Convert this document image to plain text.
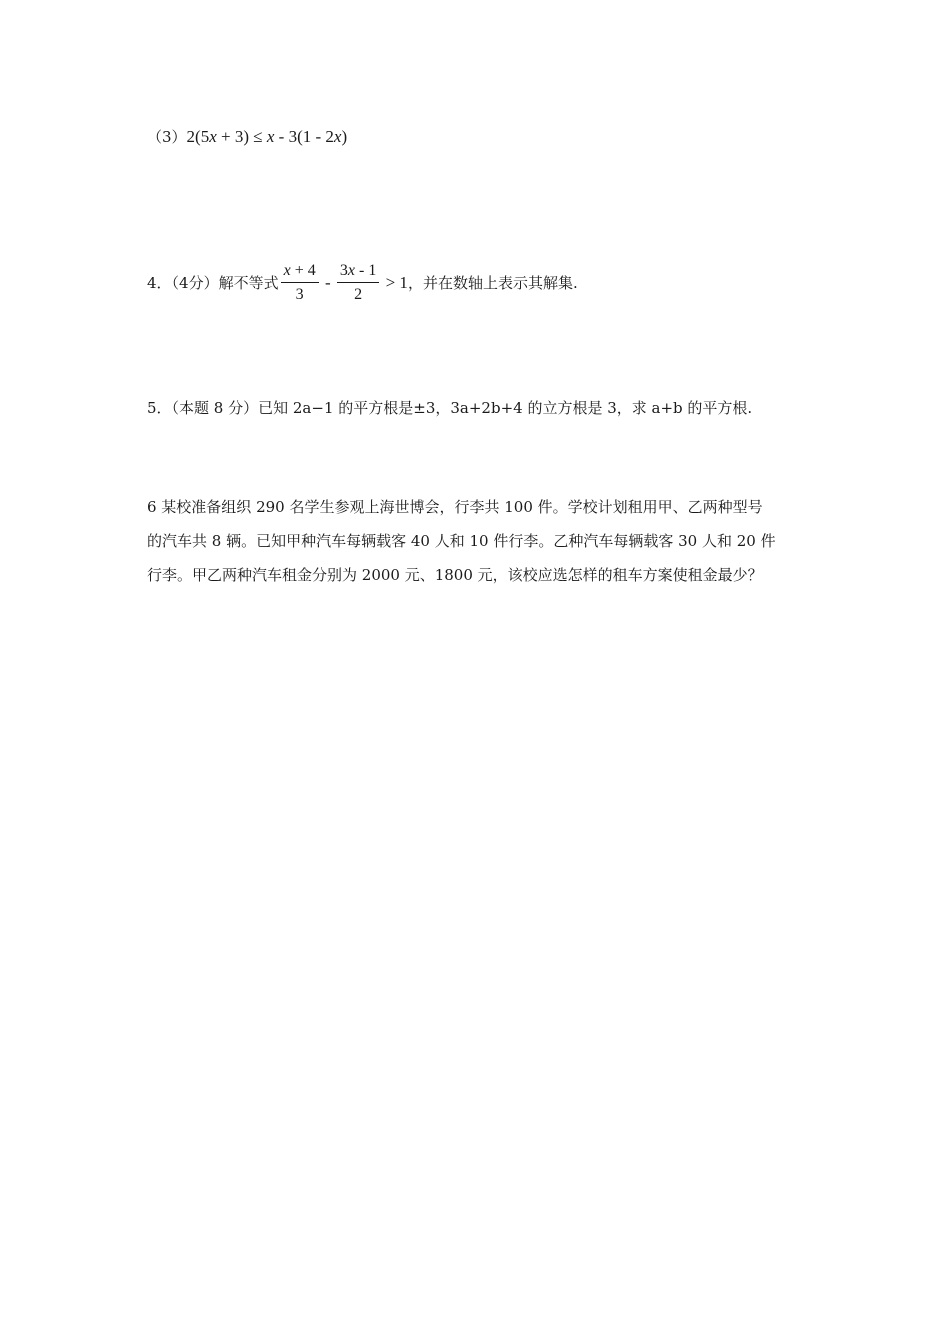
（3）2(5x + 3) ≤ x - 3(1 - 2x)
4．（4分）解不等式 $\frac{x + 4}{3} - \frac{3x - 1}{2} > 1$，并在数轴上表示其解集.
5．（本题 8 分）已知 2a−1 的平方根是±3，3a+2b+4 的立方根是 3，求 a+b 的平方根.
6 某校准备组织 290 名学生参观上海世博会，行李共 100 件。学校计划租用甲、乙两种型号
的汽车共 8 辆。已知甲种汽车每辆载客 40 人和 10 件行李。乙种汽车每辆载客 30 人和 20 件
行李。甲乙两种汽车租金分别为 2000 元、1800 元，该校应选怎样的租车方案使租金最少？
